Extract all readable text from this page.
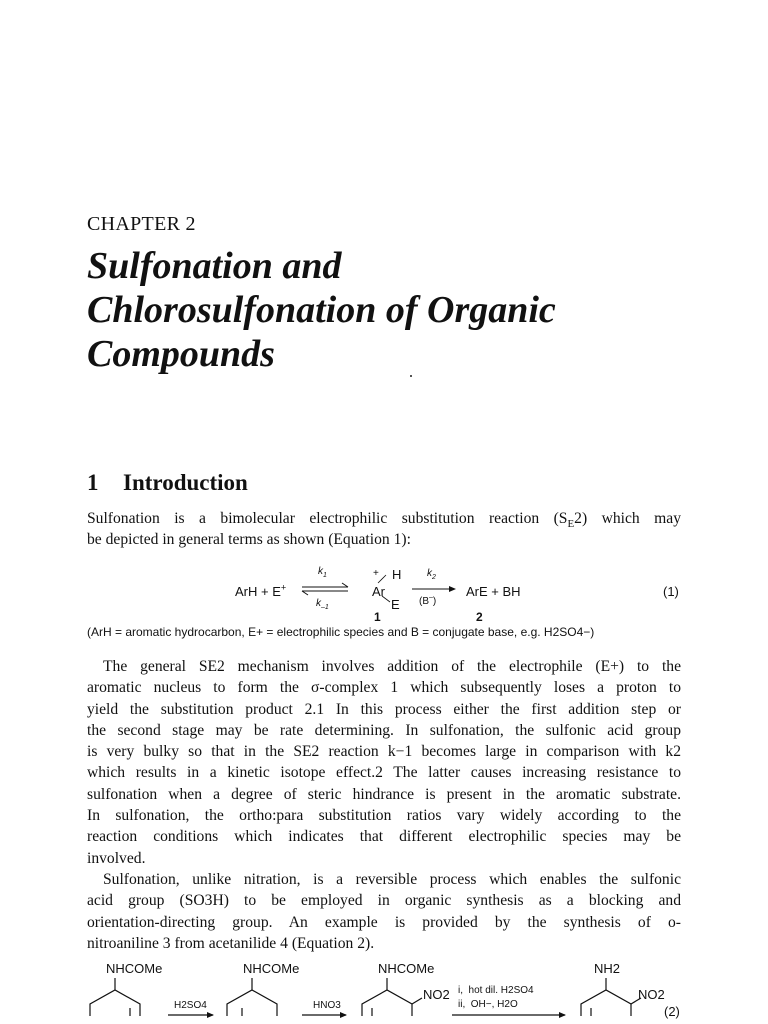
CHAPTER 2
Sulfonation and
Chlorosulfonation of Organic
Compounds
1 Introduction
Sulfonation is a bimolecular electrophilic substitution reaction $(S_E2)$ which may
be depicted in general terms as shown (Equation 1):
ArH + E+
$k_1$
$k_{-1}$
+ H
Ar
E
1
$k_2$
(B–)
ArE + BH
2
(1)
(ArH = aromatic hydrocarbon, E+ = electrophilic species and B = conjugate base, e.g. H2SO4−)
The general SE2 mechanism involves addition of the electrophile (E+) to the
aromatic nucleus to form the σ-complex 1 which subsequently loses a proton to
yield the substitution product 2.1 In this process either the first addition step or
the second stage may be rate determining. In sulfonation, the sulfonic acid group
is very bulky so that in the SE2 reaction k−1 becomes large in comparison with k2
which results in a kinetic isotope effect.2 The latter causes increasing resistance to
sulfonation when a degree of steric hindrance is present in the aromatic substrate.
In sulfonation, the ortho:para substitution ratios vary widely according to the
reaction conditions which indicates that different electrophilic species may be
involved.
Sulfonation, unlike nitration, is a reversible process which enables the sulfonic
acid group (SO3H) to be employed in organic synthesis as a blocking and
orientation-directing group. An example is provided by the synthesis of o-
nitroaniline 3 from acetanilide 4 (Equation 2).
NHCOMe	NHCOMe	NHCOMe	NH2
H2SO4	HNO3
NO2 i,  hot dil. H2SO4
ii,  OH−, H2O
NO2
(2)
